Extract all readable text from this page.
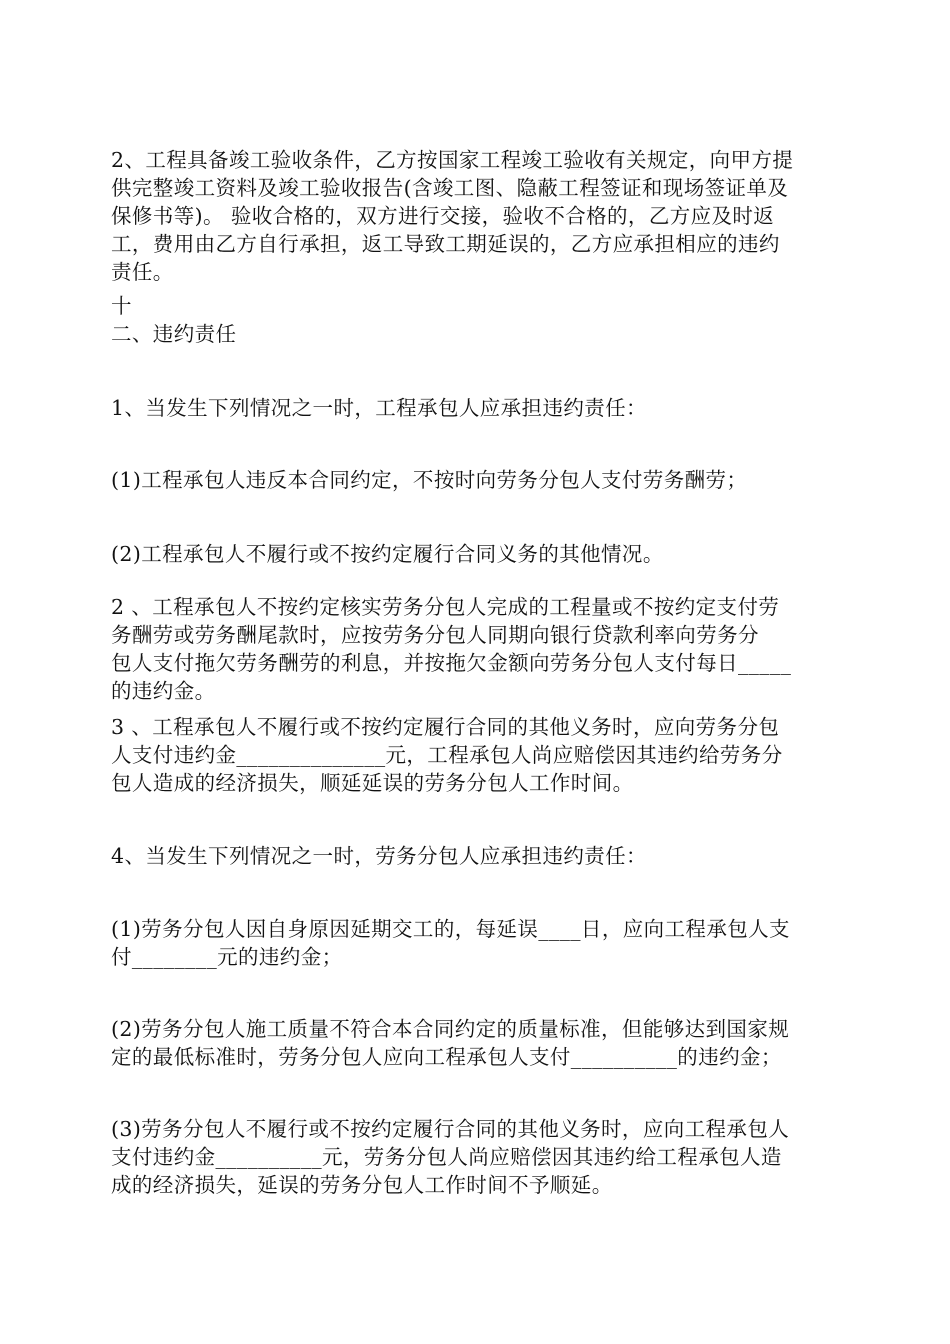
2、工程具备竣工验收条件，乙方按国家工程竣工验收有关规定，向甲方提
供完整竣工资料及竣工验收报告(含竣工图、隐蔽工程签证和现场签证单及
保修书等)。 验收合格的，双方进行交接，验收不合格的，乙方应及时返
工，费用由乙方自行承担，返工导致工期延误的，乙方应承担相应的违约
责任。
十
二、违约责任
1、当发生下列情况之一时，工程承包人应承担违约责任：
(1)工程承包人违反本合同约定，不按时向劳务分包人支付劳务酬劳；
(2)工程承包人不履行或不按约定履行合同义务的其他情况。
2 、工程承包人不按约定核实劳务分包人完成的工程量或不按约定支付劳
务酬劳或劳务酬尾款时，应按劳务分包人同期向银行贷款利率向劳务分
包人支付拖欠劳务酬劳的利息，并按拖欠金额向劳务分包人支付每日_____
的违约金。
3 、工程承包人不履行或不按约定履行合同的其他义务时，应向劳务分包
人支付违约金______________元，工程承包人尚应赔偿因其违约给劳务分
包人造成的经济损失，顺延延误的劳务分包人工作时间。
4、当发生下列情况之一时，劳务分包人应承担违约责任：
(1)劳务分包人因自身原因延期交工的，每延误____日，应向工程承包人支
付________元的违约金；
(2)劳务分包人施工质量不符合本合同约定的质量标准，但能够达到国家规
定的最低标准时，劳务分包人应向工程承包人支付__________的违约金；
(3)劳务分包人不履行或不按约定履行合同的其他义务时，应向工程承包人
支付违约金__________元，劳务分包人尚应赔偿因其违约给工程承包人造
成的经济损失，延误的劳务分包人工作时间不予顺延。
